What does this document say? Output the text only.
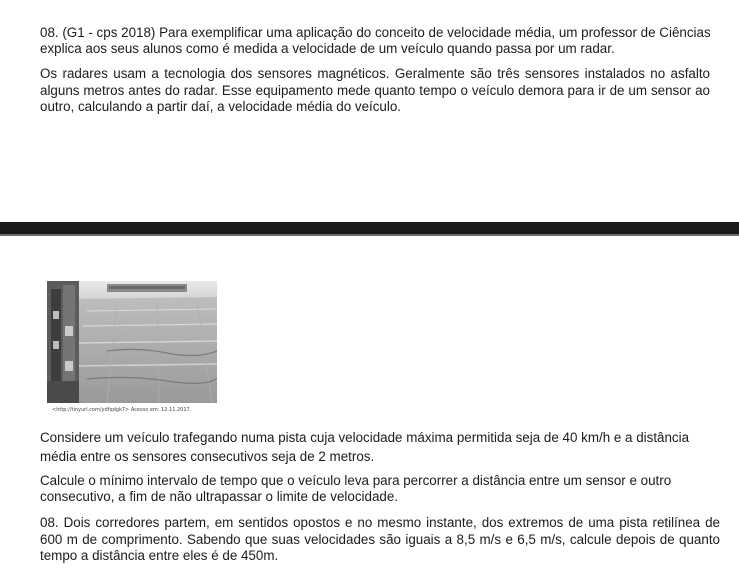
08. (G1 - cps 2018) Para exemplificar uma aplicação do conceito de velocidade média, um professor de Ciências

explica aos seus alunos como é medida a velocidade de um veículo quando passa por um radar.

Os radares usam a tecnologia dos sensores magnéticos. Geralmente são três sensores instalados no asfalto alguns metros antes do radar. Esse equipamento mede quanto tempo o veículo demora para ir de um sensor ao outro, calculando a partir daí, a velocidade média do veículo.

<http://tinyurl.com/ydfqdgk7> Acesso em: 12.11.2017.

Considere um veículo trafegando numa pista cuja velocidade máxima permitida seja de 40 km/h e a distância

média entre os sensores consecutivos seja de 2 metros.

Calcule o mínimo intervalo de tempo que o veículo leva para percorrer a distância entre um sensor e outro

consecutivo, a fim de não ultrapassar o limite de velocidade.

08. Dois corredores partem, em sentidos opostos e no mesmo instante, dos extremos de uma pista retilínea de 600 m de comprimento. Sabendo que suas velocidades são iguais a 8,5 m/s e 6,5 m/s, calcule depois de quanto tempo a distância entre eles é de 450m.
